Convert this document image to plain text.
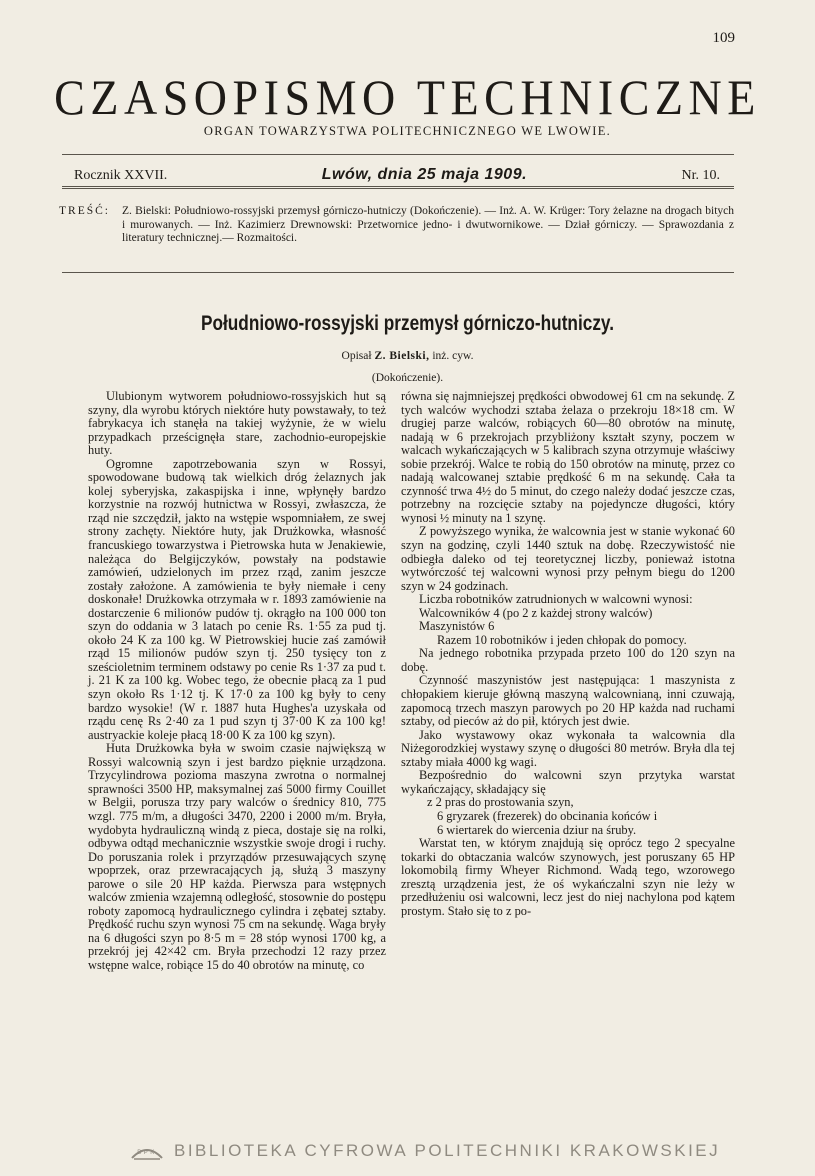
109
CZASOPISMO TECHNICZNE
ORGAN TOWARZYSTWA POLITECHNICZNEGO WE LWOWIE.
Rocznik XXVII.	Lwów, dnia 25 maja 1909.	Nr. 10.
TREŚĆ: Z. Bielski: Południowo-rossyjski przemysł górniczo-hutniczy (Dokończenie). — Inż. A. W. Krüger: Tory żelazne na drogach bitych i murowanych. — Inż. Kazimierz Drewnowski: Przetwornice jedno- i dwutwornikowe. — Dział górniczy. — Sprawozdania z literatury technicznej.— Rozmaitości.
Południowo-rossyjski przemysł górniczo-hutniczy.
Opisał Z. Bielski, inż. cyw.
(Dokończenie).

Ulubionym wytworem południowo-rossyjskich hut są szyny, dla wyrobu których niektóre huty powstawały, to też fabrykacya ich stanęła na takiej wyżynie, że w wielu przypadkach prześcignęła stare, zachodnio-europejskie huty.

Ogromne zapotrzebowania szyn w Rossyi, spowodowane budową tak wielkich dróg żelaznych jak kolej syberyjska, zakaspijska i inne, wpłynęły bardzo korzystnie na rozwój hutnictwa w Rossyi, zwłaszcza, że rząd nie szczędził, jakto na wstępie wspomniałem, ze swej strony zachęty. Niektóre huty, jak Drużkowka, własność francuskiego towarzystwa i Pietrowska huta w Jenakiewie, należąca do Belgijczyków, powstały na podstawie zamówień, udzielonych im przez rząd, zanim jeszcze zostały założone. A zamówienia te były niemałe i ceny doskonałe! Drużkowka otrzymała w r. 1893 zamówienie na dostarczenie 6 milionów pudów tj. okrągło na 100 000 ton szyn do oddania w 3 latach po cenie Rs. 1·55 za pud tj. około 24 K za 100 kg. W Pietrowskiej hucie zaś zamówił rząd 15 milionów pudów szyn tj. 250 tysięcy ton z sześcioletnim terminem odstawy po cenie Rs 1·37 za pud t. j. 21 K za 100 kg. Wobec tego, że obecnie płacą za 1 pud szyn około Rs 1·12 tj. K 17·0 za 100 kg były to ceny bardzo wysokie! (W r. 1887 huta Hughes'a uzyskała od rządu cenę Rs 2·40 za 1 pud szyn tj 37·00 K za 100 kg! austryackie koleje płacą 18·00 K za 100 kg szyn).

Huta Drużkowka była w swoim czasie największą w Rossyi walcownią szyn i jest bardzo pięknie urządzona. Trzycylindrowa pozioma maszyna zwrotna o normalnej sprawności 3500 HP, maksymalnej zaś 5000 firmy Couillet w Belgii, porusza trzy pary walców o średnicy 810, 775 wzgl. 775 m/m, a długości 3470, 2200 i 2000 m/m. Bryła, wydobyta hydrauliczną windą z pieca, dostaje się na rolki, odbywa odtąd mechanicznie wszystkie swoje drogi i ruchy. Do poruszania rolek i przyrządów przesuwających szynę wpoprzek, oraz przewracających ją, służą 3 maszyny parowe o sile 20 HP każda. Pierwsza para wstępnych walców zmienia wzajemną odległość, stosownie do postępu roboty zapomocą hydraulicznego cylindra i zębatej sztaby. Prędkość ruchu szyn wynosi 75 cm na sekundę. Waga bryły na 6 długości szyn po 8·5 m = 28 stóp wynosi 1700 kg, a przekrój jej 42×42 cm. Bryła przechodzi 12 razy przez wstępne walce, robiące 15 do 40 obrotów na minutę, co

równa się najmniejszej prędkości obwodowej 61 cm na sekundę. Z tych walców wychodzi sztaba żelaza o przekroju 18×18 cm. W drugiej parze walców, robiących 60—80 obrotów na minutę, nadają w 6 przekrojach przybliżony kształt szyny, poczem w walcach wykańczających w 5 kalibrach szyna otrzymuje właściwy sobie przekrój. Walce te robią do 150 obrotów na minutę, przez co nadają walcowanej sztabie prędkość 6 m na sekundę. Cała ta czynność trwa 4½ do 5 minut, do czego należy dodać jeszcze czas, potrzebny na rozcięcie sztaby na pojedyncze długości, który wynosi ½ minuty na 1 szynę.

Z powyższego wynika, że walcownia jest w stanie wykonać 60 szyn na godzinę, czyli 1440 sztuk na dobę. Rzeczywistość nie odbiegła daleko od tej teoretycznej liczby, ponieważ istotna wytwórczość tej walcowni wynosi przy pełnym biegu do 1200 szyn w 24 godzinach.

Liczba robotników zatrudnionych w walcowni wynosi:

Walcowników 4 (po 2 z każdej strony walców)

Maszynistów 6

Razem 10 robotników i jeden chłopak do pomocy.

Na jednego robotnika przypada przeto 100 do 120 szyn na dobę.

Czynność maszynistów jest następująca: 1 maszynista z chłopakiem kieruje główną maszyną walcownianą, inni czuwają, zapomocą trzech maszyn parowych po 20 HP każda nad ruchami sztaby, od pieców aż do pił, których jest dwie.

Jako wystawowy okaz wykonała ta walcownia dla Niżegorodzkiej wystawy szynę o długości 80 metrów. Bryła dla tej sztaby miała 4000 kg wagi.

Bezpośrednio do walcowni szyn przytyka warstat wykańczający, składający się

z 2 pras do prostowania szyn,

6 gryzarek (frezerek) do obcinania końców i

6 wiertarek do wiercenia dziur na śruby.

Warstat ten, w którym znajdują się oprócz tego 2 specyalne tokarki do obtaczania walców szynowych, jest poruszany 65 HP lokomobilą firmy Wheyer Richmond. Wadą tego, wzorowego zresztą urządzenia jest, że oś wykańczalni szyn nie leży w przedłużeniu osi walcowni, lecz jest do niej nachylona pod kątem prostym. Stało się to z po-

BPK BIBLIOTEKA CYFROWA POLITECHNIKI KRAKOWSKIEJ
